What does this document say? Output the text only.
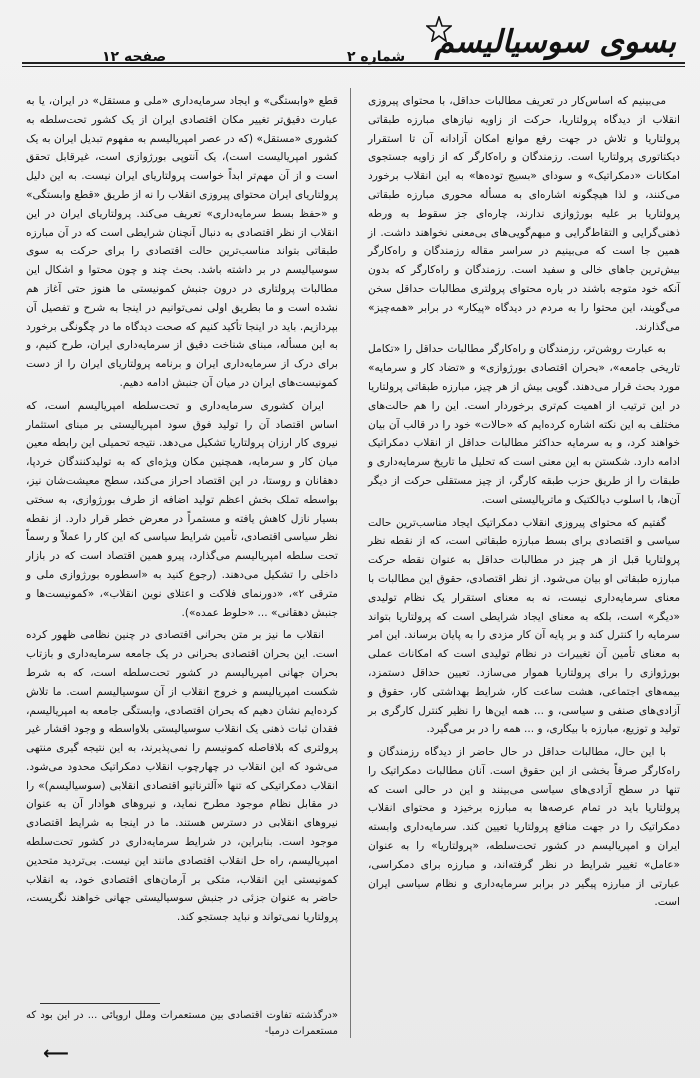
بسوی سوسیالیسم
شماره ۲
صفحه ۱۲

می‌بینیم که اساس‌کار در تعریف مطالبات حداقل، با محتوای پیروزی انقلاب از دیدگاه پرولتاریا، حرکت از زاویه نیازهای مبارزه طبقاتی پرولتاریا و تلاش در جهت رفع موانع امکان آزادانه آن تا استقرار دیکتاتوری پرولتاریا است. رزمندگان و راه‌کارگر که از زاویه جستجوی امکانات «دمکراتیک» و سودای «بسیج توده‌ها» به این انقلاب برخورد می‌کنند، و لذا هیچگونه اشاره‌ای به مسأله محوری مبارزه طبقاتی پرولتاریا بر علیه بورژوازی ندارند، چاره‌ای جز سقوط به ورطه ذهنی‌گرایی و التقاط‌گرایی و مبهم‌گویی‌های بی‌معنی نخواهند داشت. از همین جا است که می‌بینیم در سراسر مقاله رزمندگان و راه‌کارگر بیش‌ترین جاهای خالی و سفید است. رزمندگان و راه‌کارگر که بدون آنکه خود متوجه باشند در باره محتوای پرولتری مطالبات حداقل سخن می‌گویند، این محتوا را به مردم در دیدگاه «پیکار» در برابر «همه‌چیز» می‌گذارند.

به عبارت روشن‌تر، رزمندگان و راه‌کارگر مطالبات حداقل را «تکامل تاریخی جامعه»، «بحران اقتصادی بورژوازی» و «تضاد کار و سرمایه» مورد بحث قرار می‌دهند. گویی بیش از هر چیز، مبارزه طبقاتی پرولتاریا در این ترتیب از اهمیت کم‌تری برخوردار است. این را هم حالت‌های مختلف به این نکته اشاره کرده‌ایم که «حالات» خود را در قالب آن بیان خواهند کرد، و به سرمایه حداکثر مطالبات حداقل از انقلاب دمکراتیک ادامه دارد. شکستن به این معنی است که تحلیل ما تاریخ سرمایه‌داری و طبقات را از طریق حزب طبقه کارگر، از چیز مستقلی حرکت از دیگر آن‌ها، با اسلوب دیالکتیک و ماتریالیستی است.

گفتیم که محتوای پیروزی انقلاب دمکراتیک ایجاد مناسب‌ترین حالت سیاسی و اقتصادی برای بسط مبارزه طبقاتی است، که از نقطه نظر پرولتاریا قبل از هر چیز در مطالبات حداقل به عنوان نقطه حرکت مبارزه طبقاتی او بیان می‌شود. از نظر اقتصادی، حقوق این مطالبات با معنای سرمایه‌داری نیست، نه به معنای استقرار یک نظام تولیدی «دیگر» است، بلکه به معنای ایجاد شرایطی است که پرولتاریا بتواند سرمایه را کنترل کند و بر پایه آن کار مزدی را به پایان برساند. این امر به معنای تأمین آن تغییرات در نظام تولیدی است که امکانات عملی بورژوازی را برای پرولتاریا هموار می‌سازد. تعیین حداقل دستمزد، بیمه‌های اجتماعی، هشت ساعت کار، شرایط بهداشتی کار، حقوق و آزادی‌های صنفی و سیاسی، و ... همه این‌ها را نظیر کنترل کارگری بر تولید و توزیع، مبارزه با بیکاری، و ... همه را در بر می‌گیرد.

با این حال، مطالبات حداقل در حال حاضر از دیدگاه رزمندگان و راه‌کارگر صرفاً بخشی از این حقوق است. آنان مطالبات دمکراتیک را تنها در سطح آزادی‌های سیاسی می‌بینند و این در حالی است که پرولتاریا باید در تمام عرصه‌ها به مبارزه برخیزد و محتوای انقلاب دمکراتیک را در جهت منافع پرولتاریا تعیین کند. سرمایه‌داری وابسته ایران و امپریالیسم در کشور تحت‌سلطه، «پرولتاریا» را به عنوان «عامل» تغییر شرایط در نظر گرفته‌اند، و مبارزه برای دمکراسی، عبارتی از مبارزه پیگیر در برابر سرمایه‌داری و نظام سیاسی ایران است.

قطع «وابستگی» و ایجاد سرمایه‌داری «ملی و مستقل» در ایران، یا به عبارت دقیق‌تر تغییر مکان اقتصادی ایران از یک کشور تحت‌سلطه به کشوری «مستقل» (که در عصر امپریالیسم به مفهوم تبدیل ایران به یک کشور امپریالیست است)، یک آنتوپی بورژوازی است، غیرقابل تحقق است و از آن مهم‌تر ابداً خواست پرولتاریای ایران نیست. به این دلیل پرولتاریای ایران محتوای پیروزی انقلاب را نه از طریق «قطع وابستگی» و «حفظ بسط سرمایه‌داری» تعریف می‌کند. پرولتاریای ایران در این انقلاب از نظر اقتصادی به دنبال آنچنان شرایطی است که در آن مبارزه طبقاتی بتواند مناسب‌ترین حالت اقتصادی را برای حرکت به سوی سوسیالیسم در بر داشته باشد. بحث چند و چون محتوا و اشکال این مطالبات پرولتاری در درون جنبش کمونیستی ما هنوز حتی آغاز هم نشده است و ما بطریق اولی نمی‌توانیم در اینجا به شرح و تفصیل آن بپردازیم. باید در اینجا تأکید کنیم که صحت دیدگاه ما در چگونگی برخورد به این مسأله، مبنای شناخت دقیق از سرمایه‌داری ایران، طرح کنیم، و برای درک از سرمایه‌داری ایران و برنامه پرولتاریای ایران را از دست کمونیست‌های ایران در میان آن جنبش ادامه دهیم.

ایران کشوری سرمایه‌داری و تحت‌سلطه امپریالیسم است، که اساس اقتصاد آن را تولید فوق سود امپریالیستی بر مبنای استثمار نیروی کار ارزان پرولتاریا تشکیل می‌دهد. نتیجه تحمیلی این رابطه معین میان کار و سرمایه، همچنین مکان ویژه‌ای که به تولیدکنندگان خردپا، دهقانان و روستا، در این اقتصاد احراز می‌کند، سطح معیشت‌شان نیز، بواسطه تملک بخش اعظم تولید اضافه از طرف بورژوازی، به سختی بسیار نازل کاهش یافته و مستمراً در معرض خطر قرار دارد. از نقطه نظر سیاسی اقتصادی، تأمین شرایط سیاسی که این کار را عملاً و رسماً تحت سلطه امپریالیسم می‌گذارد، پیرو همین اقتصاد است که در بازار داخلی را تشکیل می‌دهند. (رجوع کنید به «اسطوره بورژوازی ملی و مترقی ۲»، «دورنمای فلاکت و اعتلای نوین انقلاب»، «کمونیست‌ها و جنبش دهقانی» ... «حلوط عمده»).

انقلاب ما نیز بر متن بحرانی اقتصادی در چنین نظامی ظهور کرده است. این بحران اقتصادی بحرانی در یک جامعه سرمایه‌داری و بازتاب بحران جهانی امپریالیسم در کشور تحت‌سلطه است، که به شرط شکست امپریالیسم و خروج انقلاب از آن سوسیالیسم است. ما تلاش کرده‌ایم نشان دهیم که بحران اقتصادی، وابستگی جامعه به امپریالیسم، فقدان ثبات ذهنی یک انقلاب سوسیالیستی بلاواسطه و وجود اقشار غیر پرولتری که بلافاصله کمونیسم را نمی‌پذیرند، به این نتیجه گیری منتهی می‌شود که این انقلاب در چهارچوب انقلاب دمکراتیک محدود می‌شود. انقلاب دمکراتیکی که تنها «آلترناتیو اقتصادی انقلابی (سوسیالیسم)» را در مقابل نظام موجود مطرح نماید، و نیروهای هوادار آن به عنوان نیروهای انقلابی در دسترس هستند. ما در اینجا به شرایط اقتصادی موجود است. بنابراین، در شرایط سرمایه‌داری در کشور تحت‌سلطه امپریالیسم، راه حل انقلاب اقتصادی مانند این نیست. بی‌تردید متحدین کمونیستی این انقلاب، متکی بر آرمان‌های اقتصادی خود، به انقلاب حاضر به عنوان جزئی در جنبش سوسیالیستی جهانی خواهند نگریست، پرولتاریا نمی‌تواند و نباید جستجو کند.

«درگذشته تفاوت اقتصادی بین مستعمرات وملل اروپائی ... در این بود که مستعمرات درمبا-
⟵
